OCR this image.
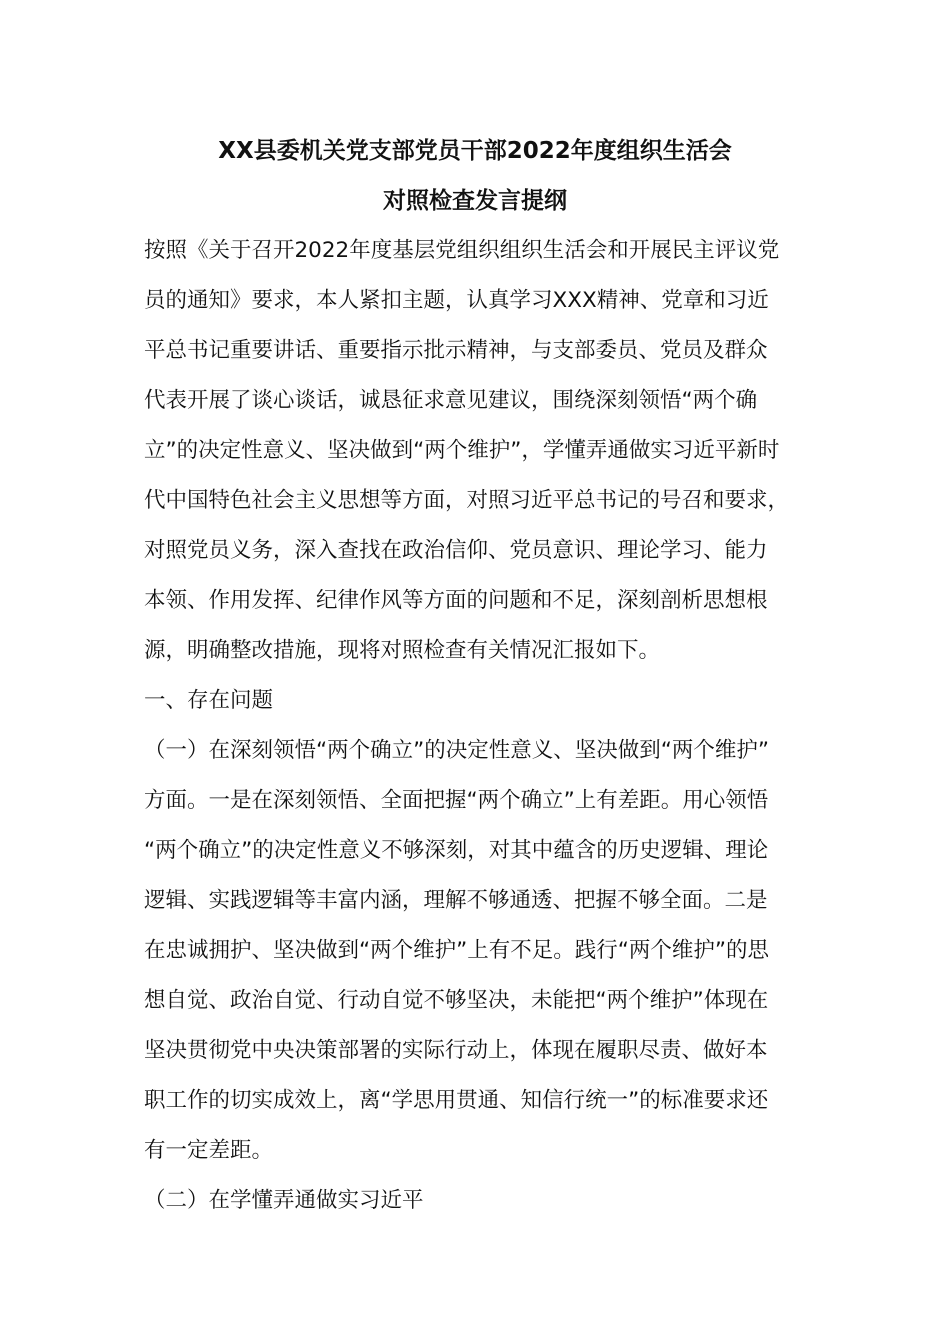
XX县委机关党支部党员干部2022年度组织生活会
对照检查发言提纲
按照《关于召开2022年度基层党组织组织生活会和开展民主评议党
员的通知》要求，本人紧扣主题，认真学习XXX精神、党章和习近
平总书记重要讲话、重要指示批示精神，与支部委员、党员及群众
代表开展了谈心谈话，诚恳征求意见建议，围绕深刻领悟“两个确
立”的决定性意义、坚决做到“两个维护”，学懂弄通做实习近平新时
代中国特色社会主义思想等方面，对照习近平总书记的号召和要求，
对照党员义务，深入查找在政治信仰、党员意识、理论学习、能力
本领、作用发挥、纪律作风等方面的问题和不足，深刻剖析思想根
源，明确整改措施，现将对照检查有关情况汇报如下。
一、存在问题
（一）在深刻领悟“两个确立”的决定性意义、坚决做到“两个维护”
方面。一是在深刻领悟、全面把握“两个确立”上有差距。用心领悟
“两个确立”的决定性意义不够深刻，对其中蕴含的历史逻辑、理论
逻辑、实践逻辑等丰富内涵，理解不够通透、把握不够全面。二是
在忠诚拥护、坚决做到“两个维护”上有不足。践行“两个维护”的思
想自觉、政治自觉、行动自觉不够坚决，未能把“两个维护”体现在
坚决贯彻党中央决策部署的实际行动上，体现在履职尽责、做好本
职工作的切实成效上，离“学思用贯通、知信行统一”的标准要求还
有一定差距。
（二）在学懂弄通做实习近平
